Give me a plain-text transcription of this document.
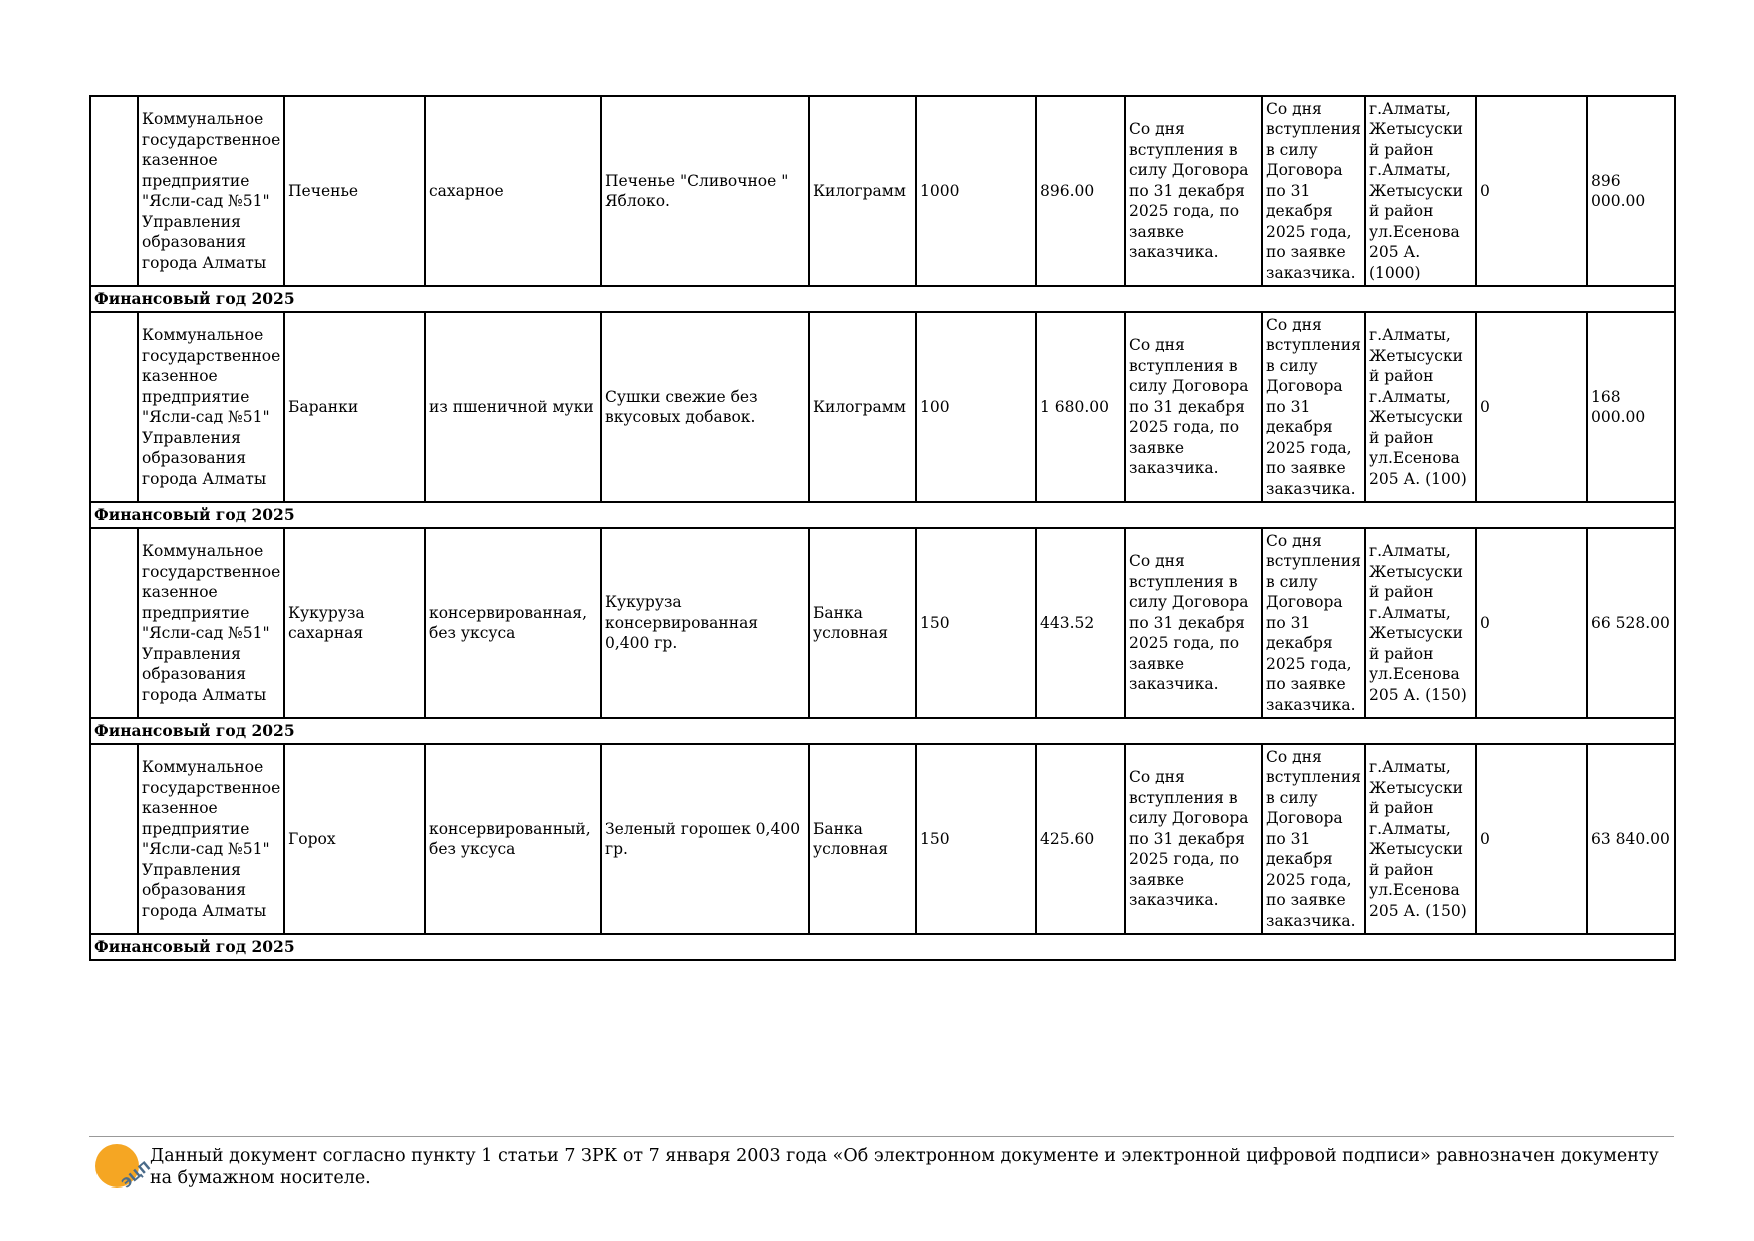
	Коммунальное государственное казенное предприятие "Ясли-сад №51" Управления образования города Алматы	Печенье	сахарное	Печенье "Сливочное " Яблоко.	Килограмм	1000	896.00	Со дня вступления в силу Договора по 31 декабря 2025 года, по заявке заказчика.	Со дня вступления в силу Договора по 31 декабря 2025 года, по заявке заказчика.	г.Алматы, Жетысуский район г.Алматы, Жетысуский район ул.Есенова 205 А. (1000)	0	896 000.00
Финансовый год 2025												
	Коммунальное государственное казенное предприятие "Ясли-сад №51" Управления образования города Алматы	Баранки	из пшеничной муки	Сушки свежие без вкусовых добавок.	Килограмм	100	1 680.00	Со дня вступления в силу Договора по 31 декабря 2025 года, по заявке заказчика.	Со дня вступления в силу Договора по 31 декабря 2025 года, по заявке заказчика.	г.Алматы, Жетысуский район г.Алматы, Жетысуский район ул.Есенова 205 А. (100)	0	168 000.00
Финансовый год 2025												
	Коммунальное государственное казенное предприятие "Ясли-сад №51" Управления образования города Алматы	Кукуруза сахарная	консервированная, без уксуса	Кукуруза консервированная 0,400 гр.	Банка условная	150	443.52	Со дня вступления в силу Договора по 31 декабря 2025 года, по заявке заказчика.	Со дня вступления в силу Договора по 31 декабря 2025 года, по заявке заказчика.	г.Алматы, Жетысуский район г.Алматы, Жетысуский район ул.Есенова 205 А. (150)	0	66 528.00
Финансовый год 2025												
	Коммунальное государственное казенное предприятие "Ясли-сад №51" Управления образования города Алматы	Горох	консервированный, без уксуса	Зеленый горошек 0,400 гр.	Банка условная	150	425.60	Со дня вступления в силу Договора по 31 декабря 2025 года, по заявке заказчика.	Со дня вступления в силу Договора по 31 декабря 2025 года, по заявке заказчика.	г.Алматы, Жетысуский район г.Алматы, Жетысуский район ул.Есенова 205 А. (150)	0	63 840.00
Финансовый год 2025												
ЭЦП
Данный документ согласно пункту 1 статьи 7 ЗРК от 7 января 2003 года «Об электронном документе и электронной цифровой подписи» равнозначен документу на бумажном носителе.
